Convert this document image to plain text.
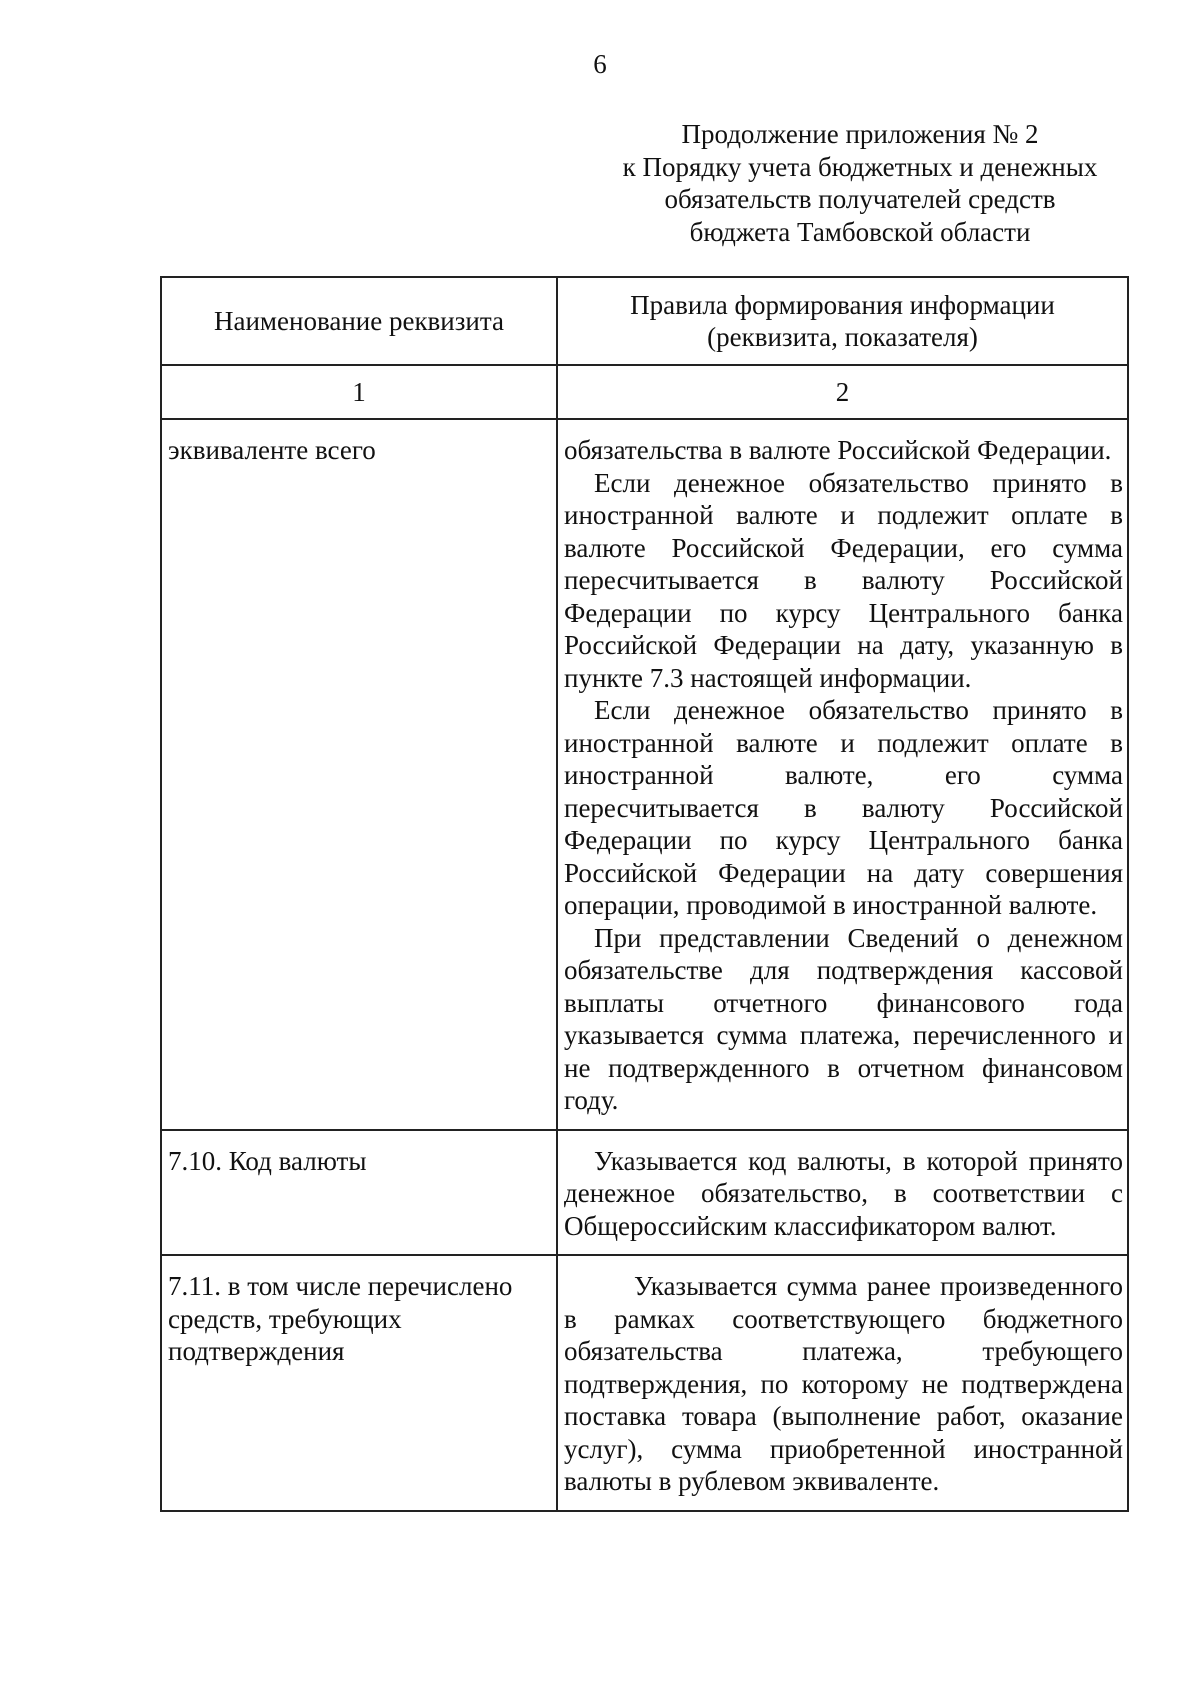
6
Продолжение приложения № 2
к Порядку учета бюджетных и денежных
обязательств получателей средств
бюджета Тамбовской области
Наименование реквизита	Правила формирования информации (реквизита, показателя)
1	2
эквиваленте всего	обязательства в валюте Российской Федерации.

Если денежное обязательство принято в иностранной валюте и подлежит оплате в валюте Российской Федерации, его сумма пересчитывается в валюту Российской Федерации по курсу Центрального банка Российской Федерации на дату, указанную в пункте 7.3 настоящей информации.

Если денежное обязательство принято в иностранной валюте и подлежит оплате в иностранной валюте, его сумма пересчитывается в валюту Российской Федерации по курсу Центрального банка Российской Федерации на дату совершения операции, проводимой в иностранной валюте.

При представлении Сведений о денежном обязательстве для подтверждения кассовой выплаты отчетного финансового года указывается сумма платежа, перечисленного и не подтвержденного в отчетном финансовом году.

7.10. Код валюты	Указывается код валюты, в которой принято денежное обязательство, в соответствии с Общероссийским классификатором валют.

7.11. в том числе перечислено средств, требующих подтверждения	Указывается сумма ранее произведенного в рамках соответствующего бюджетного обязательства платежа, требующего подтверждения, по которому не подтверждена поставка товара (выполнение работ, оказание услуг), сумма приобретенной иностранной валюты в рублевом эквиваленте.
